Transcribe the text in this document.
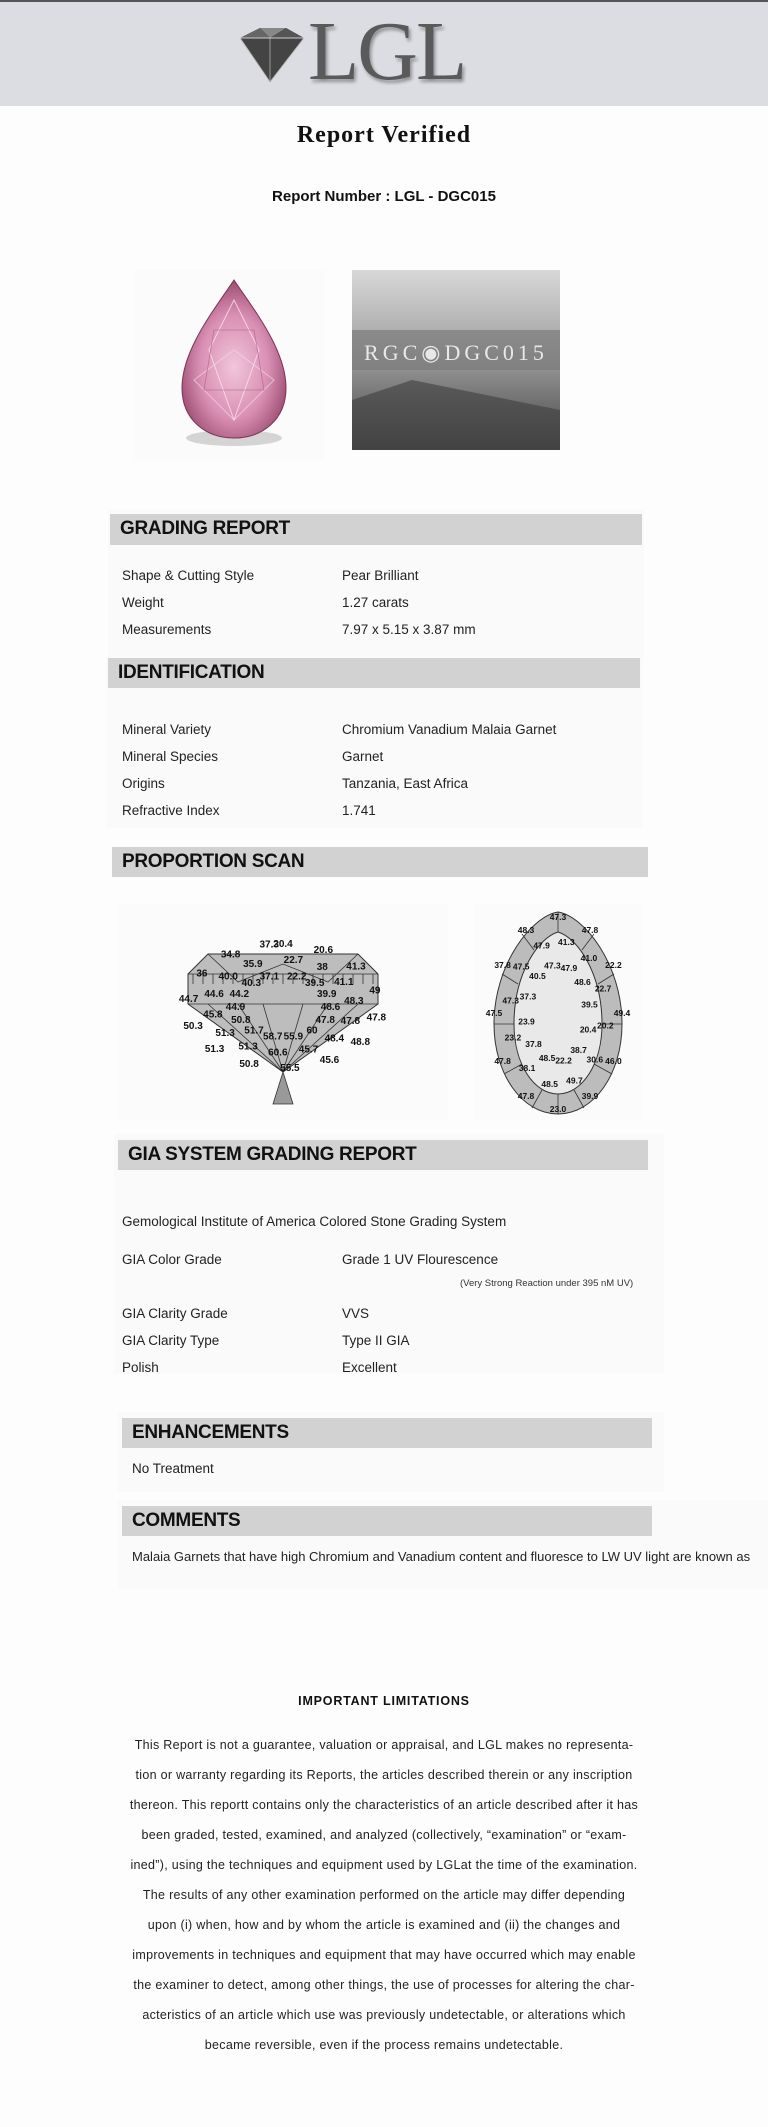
LGL
Report Verified
Report Number : LGL - DGC015
RGC◉DGC015
GRADING REPORT
Shape & Cutting Style	Pear Brilliant
Weight	1.27 carats
Measurements	7.97 x 5.15 x 3.87 mm
IDENTIFICATION
Mineral Variety	Chromium Vanadium Malaia Garnet
Mineral Species	Garnet
Origins	Tanzania, East Africa
Refractive Index	1.741
PROPORTION SCAN
20.4
22.7
22.2
20.6
38
39.5
41.3
41.1
39.9	49
48.3
48.6
47.8
47.8
47.8
48.8
48.4
60
45.6
45.7
55.9
55.5
60.6
58.7
50.8
51.3
51.7
51.3
51.3
50.8
50.3
45.8
44.9
44.7 44.6 44.2
36 40.0
40.3
34.8
35.9
37.1
37.3
47.3
41.3
47.9
47.8
41.0
48.6
22.2
22.7
39.5
49.4
20.2
20.4
46.0
30.6
38.7
39.9
49.7
22.2
23.0
48.5
48.5
47.8
38.1
37.8
47.8
23.2
23.9
47.5
47.3 37.3
37.8 47.5
40.5
48.3
47.9
47.3
GIA SYSTEM GRADING REPORT
Gemological Institute of America Colored Stone Grading System
GIA Color Grade	Grade 1 UV Flourescence
(Very Strong Reaction under 395 nM UV)
GIA Clarity Grade	VVS
GIA Clarity Type	Type II GIA
Polish	Excellent
ENHANCEMENTS
No Treatment
COMMENTS
Malaia Garnets that have high Chromium and Vanadium content and fluoresce to LW UV light are known as
IMPORTANT LIMITATIONS
This Report is not a guarantee, valuation or appraisal, and LGL makes no representa-
tion or warranty regarding its Reports, the articles described therein or any inscription
thereon. This reportt contains only the characteristics of an article described after it has
been graded, tested, examined, and analyzed (collectively, “examination” or “exam-
ined”), using the techniques and equipment used by LGLat the time of the examination.
The results of any other examination performed on the article may differ depending
upon (i) when, how and by whom the article is examined and (ii) the changes and
improvements in techniques and equipment that may have occurred which may enable
the examiner to detect, among other things, the use of processes for altering the char-
acteristics of an article which use was previously undetectable, or alterations which
became reversible, even if the process remains undetectable.
